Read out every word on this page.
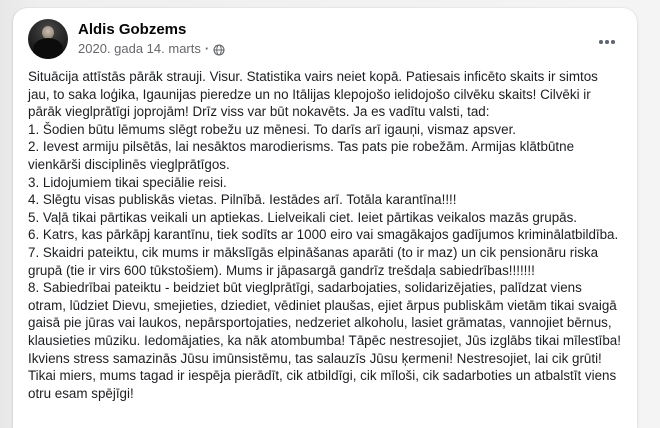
Aldis Gobzems
2020. gada 14. marts ·
Situācija attīstās pārāk strauji. Visur. Statistika vairs neiet kopā. Patiesais inficēto skaits ir simtos jau, to saka loģika, Igaunijas pieredze un no Itālijas klepojošo ielidojošo cilvēku skaits! Cilvēki ir pārāk vieglprātīgi joprojām! Drīz viss var būt nokavēts. Ja es vadītu valsti, tad:
1. Šodien būtu lēmums slēgt robežu uz mēnesi. To darīs arī igauņi, vismaz apsver.
2. Ievest armiju pilsētās, lai nesāktos marodierisms. Tas pats pie robežām. Armijas klātbūtne vienkārši disciplinēs vieglprātīgos.
3. Lidojumiem tikai speciālie reisi.
4. Slēgtu visas publiskās vietas. Pilnībā. Iestādes arī. Totāla karantīna!!!!
5. Vaļā tikai pārtikas veikali un aptiekas. Lielveikali ciet. Ieiet pārtikas veikalos mazās grupās.
6. Katrs, kas pārkāpj karantīnu, tiek sodīts ar 1000 eiro vai smagākajos gadījumos kriminālatbildība.
7. Skaidri pateiktu, cik mums ir mākslīgās elpināšanas aparāti (to ir maz) un cik pensionāru riska grupā (tie ir virs 600 tūkstošiem). Mums ir jāpasargā gandrīz trešdaļa sabiedrības!!!!!!!
8. Sabiedrībai pateiktu - beidziet būt vieglprātīgi, sadarbojaties, solidarizējaties, palīdzat viens otram, lūdziet Dievu, smejieties, dziediet, vēdiniet plaušas, ejiet ārpus publiskām vietām tikai svaigā gaisā pie jūras vai laukos, nepārsportojaties, nedzeriet alkoholu, lasiet grāmatas, vannojiet bērnus, klausieties mūziku. Iedomājaties, ka nāk atombumba! Tāpēc nestresojiet, Jūs izglābs tikai mīlestība! Ikviens stress samazinās Jūsu imūnsistēmu, tas salauzīs Jūsu ķermeni! Nestresojiet, lai cik grūti! Tikai miers, mums tagad ir iespēja pierādīt, cik atbildīgi, cik mīloši, cik sadarboties un atbalstīt viens otru esam spējīgi!
